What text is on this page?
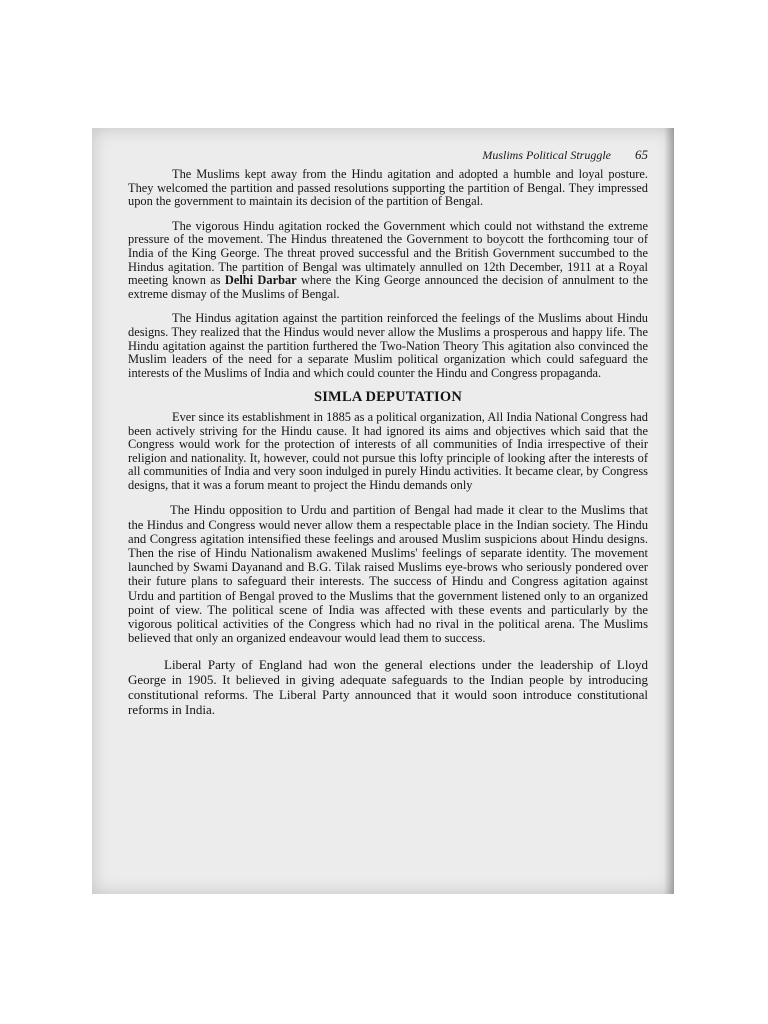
Muslims Political Struggle 65

The Muslims kept away from the Hindu agitation and adopted a humble and loyal posture. They welcomed the partition and passed resolutions supporting the partition of Bengal. They impressed upon the government to maintain its decision of the partition of Bengal.

The vigorous Hindu agitation rocked the Government which could not withstand the extreme pressure of the movement. The Hindus threatened the Government to boycott the forthcoming tour of India of the King George. The threat proved successful and the British Government succumbed to the Hindus agitation. The partition of Bengal was ultimately annulled on 12th December, 1911 at a Royal meeting known as Delhi Darbar where the King George announced the decision of annulment to the extreme dismay of the Muslims of Bengal.

The Hindus agitation against the partition reinforced the feelings of the Muslims about Hindu designs. They realized that the Hindus would never allow the Muslims a prosperous and happy life. The Hindu agitation against the partition furthered the Two-Nation Theory This agitation also convinced the Muslim leaders of the need for a separate Muslim political organization which could safeguard the interests of the Muslims of India and which could counter the Hindu and Congress propaganda.

SIMLA DEPUTATION

Ever since its establishment in 1885 as a political organization, All India National Congress had been actively striving for the Hindu cause. It had ignored its aims and objectives which said that the Congress would work for the protection of interests of all communities of India irrespective of their religion and nationality. It, however, could not pursue this lofty principle of looking after the interests of all communities of India and very soon indulged in purely Hindu activities. It became clear, by Congress designs, that it was a forum meant to project the Hindu demands only

The Hindu opposition to Urdu and partition of Bengal had made it clear to the Muslims that the Hindus and Congress would never allow them a respectable place in the Indian society. The Hindu and Congress agitation intensified these feelings and aroused Muslim suspicions about Hindu designs. Then the rise of Hindu Nationalism awakened Muslims' feelings of separate identity. The movement launched by Swami Dayanand and B.G. Tilak raised Muslims eye-brows who seriously pondered over their future plans to safeguard their interests. The success of Hindu and Congress agitation against Urdu and partition of Bengal proved to the Muslims that the government listened only to an organized point of view. The political scene of India was affected with these events and particularly by the vigorous political activities of the Congress which had no rival in the political arena. The Muslims believed that only an organized endeavour would lead them to success.

Liberal Party of England had won the general elections under the leadership of Lloyd George in 1905. It believed in giving adequate safeguards to the Indian people by introducing constitutional reforms. The Liberal Party announced that it would soon introduce constitutional reforms in India.
